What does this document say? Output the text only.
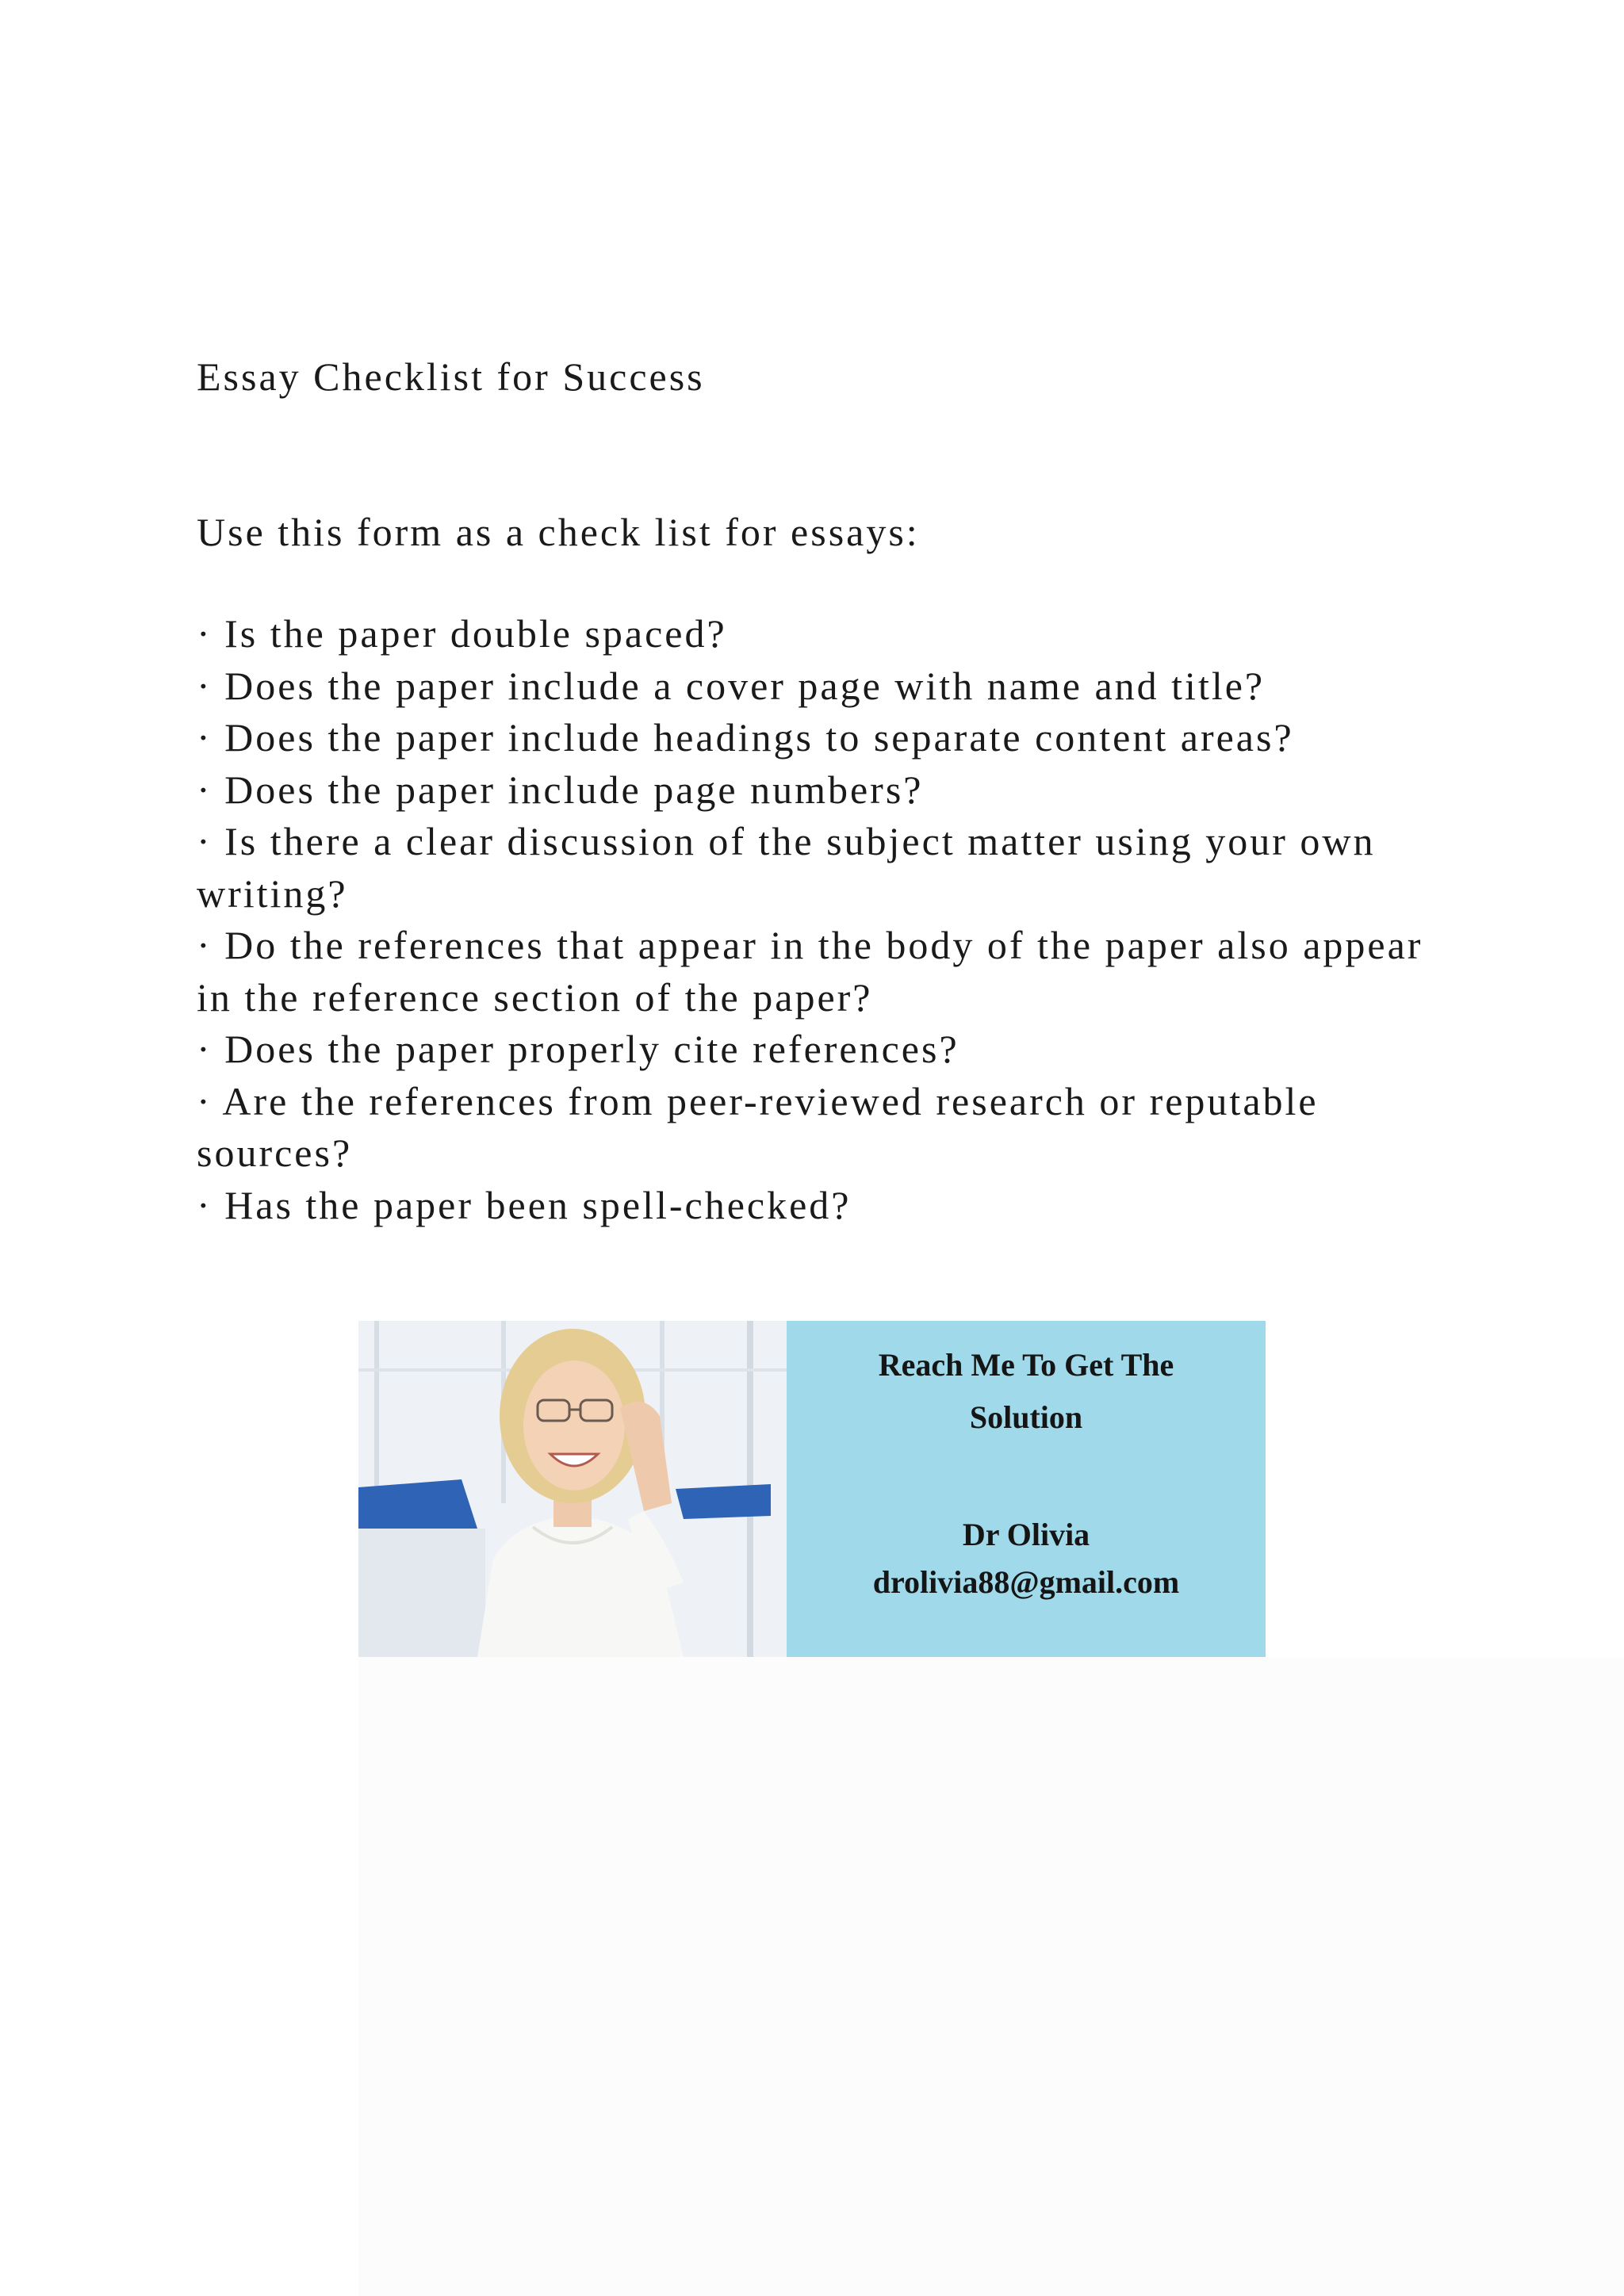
Essay Checklist for Success

Use this form as a check list for essays:

· Is the paper double spaced?
· Does the paper include a cover page with name and title?
· Does the paper include headings to separate content areas?
· Does the paper include page numbers?
· Is there a clear discussion of the subject matter using your own writing?
· Do the references that appear in the body of the paper also appear in the reference section of the paper?
· Does the paper properly cite references?
· Are the references from peer-reviewed research or reputable sources?
· Has the paper been spell-checked?
Reach Me To Get The
Solution
Dr Olivia
drolivia88@gmail.com
